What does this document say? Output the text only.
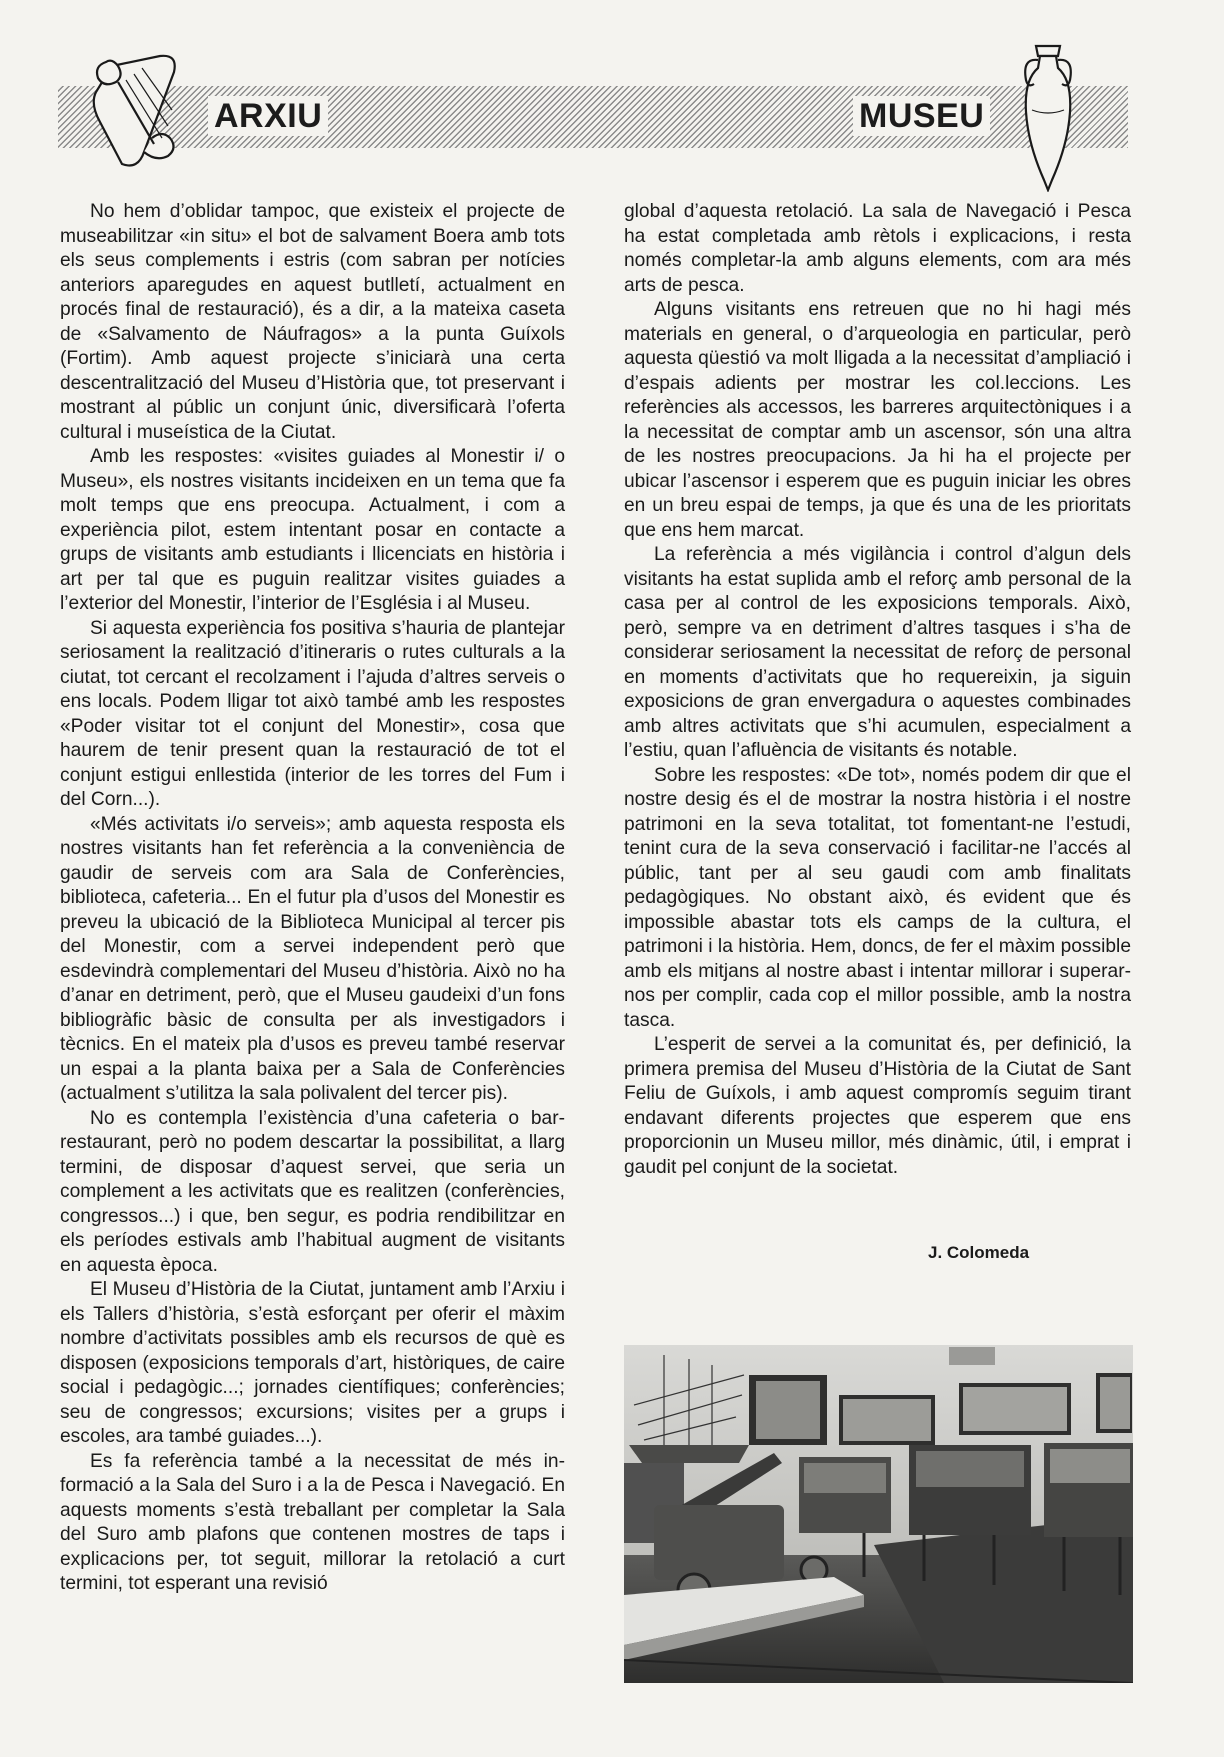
ARXIU	MUSEU

No hem d’oblidar tampoc, que existeix el projecte de museabilitzar «in situ» el bot de salvament Boera amb tots els seus complements i estris (com sabran per notícies anteriors aparegudes en aquest butlletí, actualment en procés final de restauració), és a dir, a la mateixa caseta de «Salvamento de Náufragos» a la punta Guíxols (Fortim). Amb aquest projecte s’iniciarà una certa descentralització del Museu d’Història que, tot preservant i mostrant al públic un conjunt únic, diversificarà l’oferta cultural i museística de la Ciutat.

Amb les respostes: «visites guiades al Monestir i/ o Museu», els nostres visitants incideixen en un tema que fa molt temps que ens preocupa. Actualment, i com a experiència pilot, estem intentant posar en contacte a grups de visitants amb estudiants i llicenciats en història i art per tal que es puguin realitzar visites guiades a l’exterior del Monestir, l’interior de l’Església i al Museu.

Si aquesta experiència fos positiva s’hauria de plantejar seriosament la realització d’itineraris o rutes culturals a la ciutat, tot cercant el recolzament i l’ajuda d’altres serveis o ens locals. Podem lligar tot això també amb les respostes «Poder visitar tot el conjunt del Monestir», cosa que haurem de tenir present quan la restauració de tot el conjunt estigui enllestida (interior de les torres del Fum i del Corn...).

«Més activitats i/o serveis»; amb aquesta resposta els nostres visitants han fet referència a la conveniència de gaudir de serveis com ara Sala de Conferències, biblioteca, cafeteria... En el futur pla d’usos del Monestir es preveu la ubicació de la Biblioteca Municipal al tercer pis del Monestir, com a servei independent però que esdevindrà complementari del Museu d’història. Això no ha d’anar en detriment, però, que el Museu gaudeixi d’un fons bibliogràfic bàsic de consulta per als investigadors i tècnics. En el mateix pla d’usos es preveu també reservar un espai a la planta baixa per a Sala de Conferències (actualment s’utilitza la sala polivalent del tercer pis).

No es contempla l’existència d’una cafeteria o barrestaurant, però no podem descartar la possibilitat, a llarg termini, de disposar d’aquest servei, que seria un complement a les activitats que es realitzen (conferències, congressos...) i que, ben segur, es podria rendibilitzar en els períodes estivals amb l’habitual augment de visitants en aquesta època.

El Museu d’Història de la Ciutat, juntament amb l’Arxiu i els Tallers d’història, s’està esforçant per oferir el màxim nombre d’activitats possibles amb els recursos de què es disposen (exposicions temporals d’art, històriques, de caire social i pedagògic...; jornades científiques; conferències; seu de congressos; excursions; visites per a grups i escoles, ara també guiades...).

Es fa referència també a la necessitat de més informació a la Sala del Suro i a la de Pesca i Navegació. En aquests moments s’està treballant per completar la Sala del Suro amb plafons que contenen mostres de taps i explicacions per, tot seguit, millorar la retolació a curt termini, tot esperant una revisió

global d’aquesta retolació. La sala de Navegació i Pesca ha estat completada amb rètols i explicacions, i resta només completar-la amb alguns elements, com ara més arts de pesca.

Alguns visitants ens retreuen que no hi hagi més materials en general, o d’arqueologia en particular, però aquesta qüestió va molt lligada a la necessitat d’ampliació i d’espais adients per mostrar les col.leccions. Les referències als accessos, les barreres arquitectòniques i a la necessitat de comptar amb un ascensor, són una altra de les nostres preocupacions. Ja hi ha el projecte per ubicar l’ascensor i esperem que es puguin iniciar les obres en un breu espai de temps, ja que és una de les prioritats que ens hem marcat.

La referència a més vigilància i control d’algun dels visitants ha estat suplida amb el reforç amb personal de la casa per al control de les exposicions temporals. Això, però, sempre va en detriment d’altres tasques i s’ha de considerar seriosament la necessitat de reforç de personal en moments d’activitats que ho requereixin, ja siguin exposicions de gran envergadura o aquestes combinades amb altres activitats que s’hi acumulen, especialment a l’estiu, quan l’afluència de visitants és notable.

Sobre les respostes: «De tot», només podem dir que el nostre desig és el de mostrar la nostra història i el nostre patrimoni en la seva totalitat, tot fomentant-ne l’estudi, tenint cura de la seva conservació i facilitar-ne l’accés al públic, tant per al seu gaudi com amb finalitats pedagògiques. No obstant això, és evident que és impossible abastar tots els camps de la cultura, el patrimoni i la història. Hem, doncs, de fer el màxim possible amb els mitjans al nostre abast i intentar millorar i superar-nos per complir, cada cop el millor possible, amb la nostra tasca.

L’esperit de servei a la comunitat és, per definició, la primera premisa del Museu d’Història de la Ciutat de Sant Feliu de Guíxols, i amb aquest compromís seguim tirant endavant diferents projectes que esperem que ens proporcionin un Museu millor, més dinàmic, útil, i emprat i gaudit pel conjunt de la societat.

J. Colomeda
